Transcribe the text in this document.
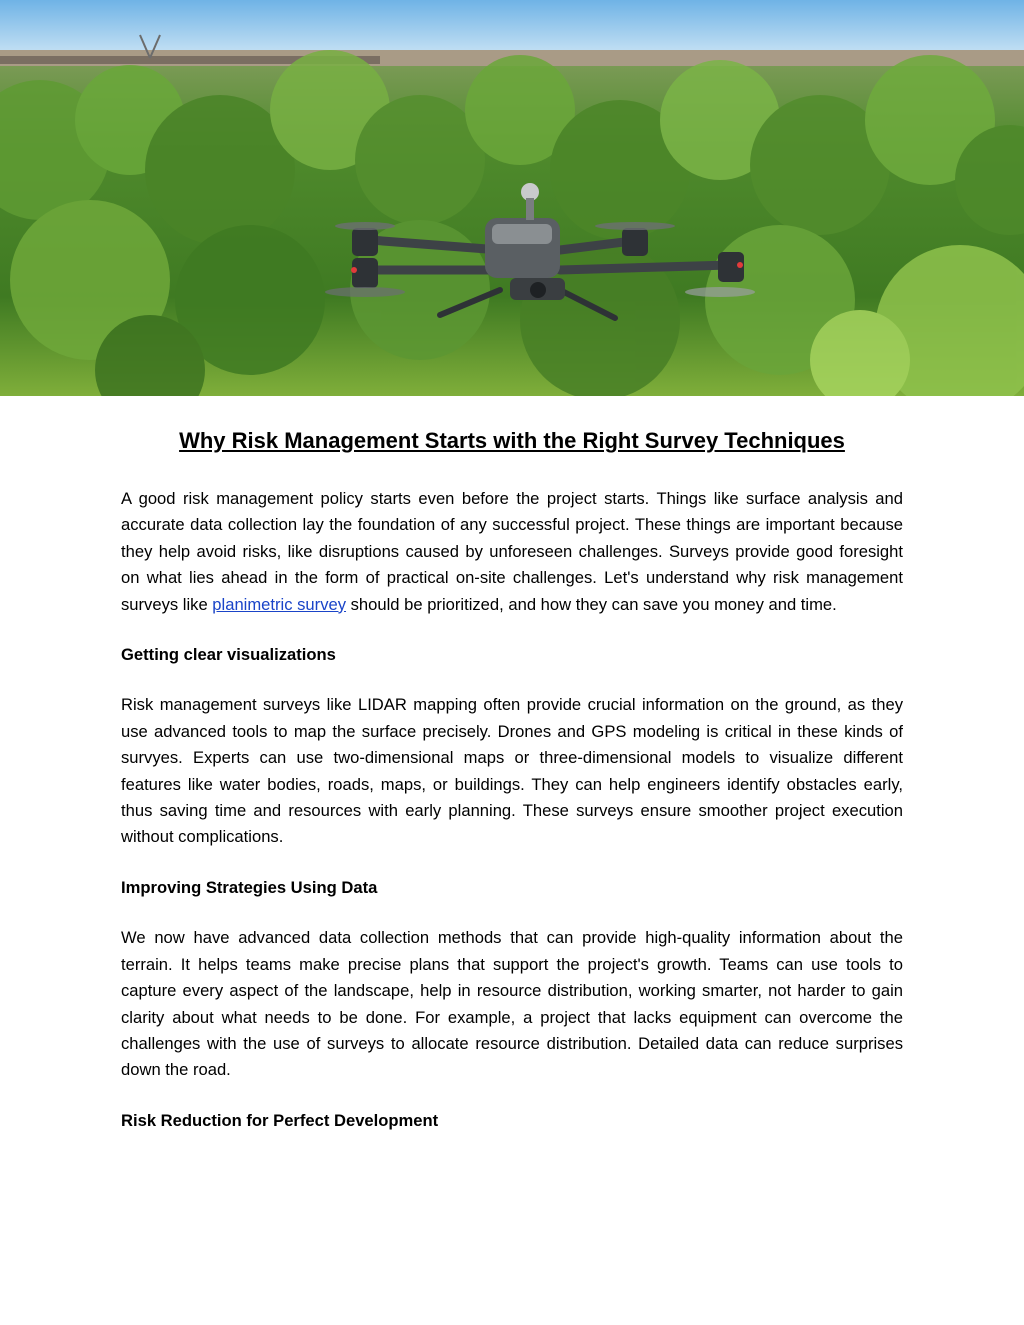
Why Risk Management Starts with the Right Survey Techniques

A good risk management policy starts even before the project starts. Things like surface analysis and accurate data collection lay the foundation of any successful project. These things are important because they help avoid risks, like disruptions caused by unforeseen challenges. Surveys provide good foresight on what lies ahead in the form of practical on-site challenges. Let's understand why risk management surveys like planimetric survey should be prioritized, and how they can save you money and time.

Getting clear visualizations

Risk management surveys like LIDAR mapping often provide crucial information on the ground, as they use advanced tools to map the surface precisely. Drones and GPS modeling is critical in these kinds of survyes. Experts can use two-dimensional maps or three-dimensional models to visualize different features like water bodies, roads, maps, or buildings. They can help engineers identify obstacles early, thus saving time and resources with early planning. These surveys ensure smoother project execution without complications.

Improving Strategies Using Data

We now have advanced data collection methods that can provide high-quality information about the terrain. It helps teams make precise plans that support the project's growth. Teams can use tools to capture every aspect of the landscape, help in resource distribution, working smarter, not harder to gain clarity about what needs to be done. For example, a project that lacks equipment can overcome the challenges with the use of surveys to allocate resource distribution. Detailed data can reduce surprises down the road.

Risk Reduction for Perfect Development
